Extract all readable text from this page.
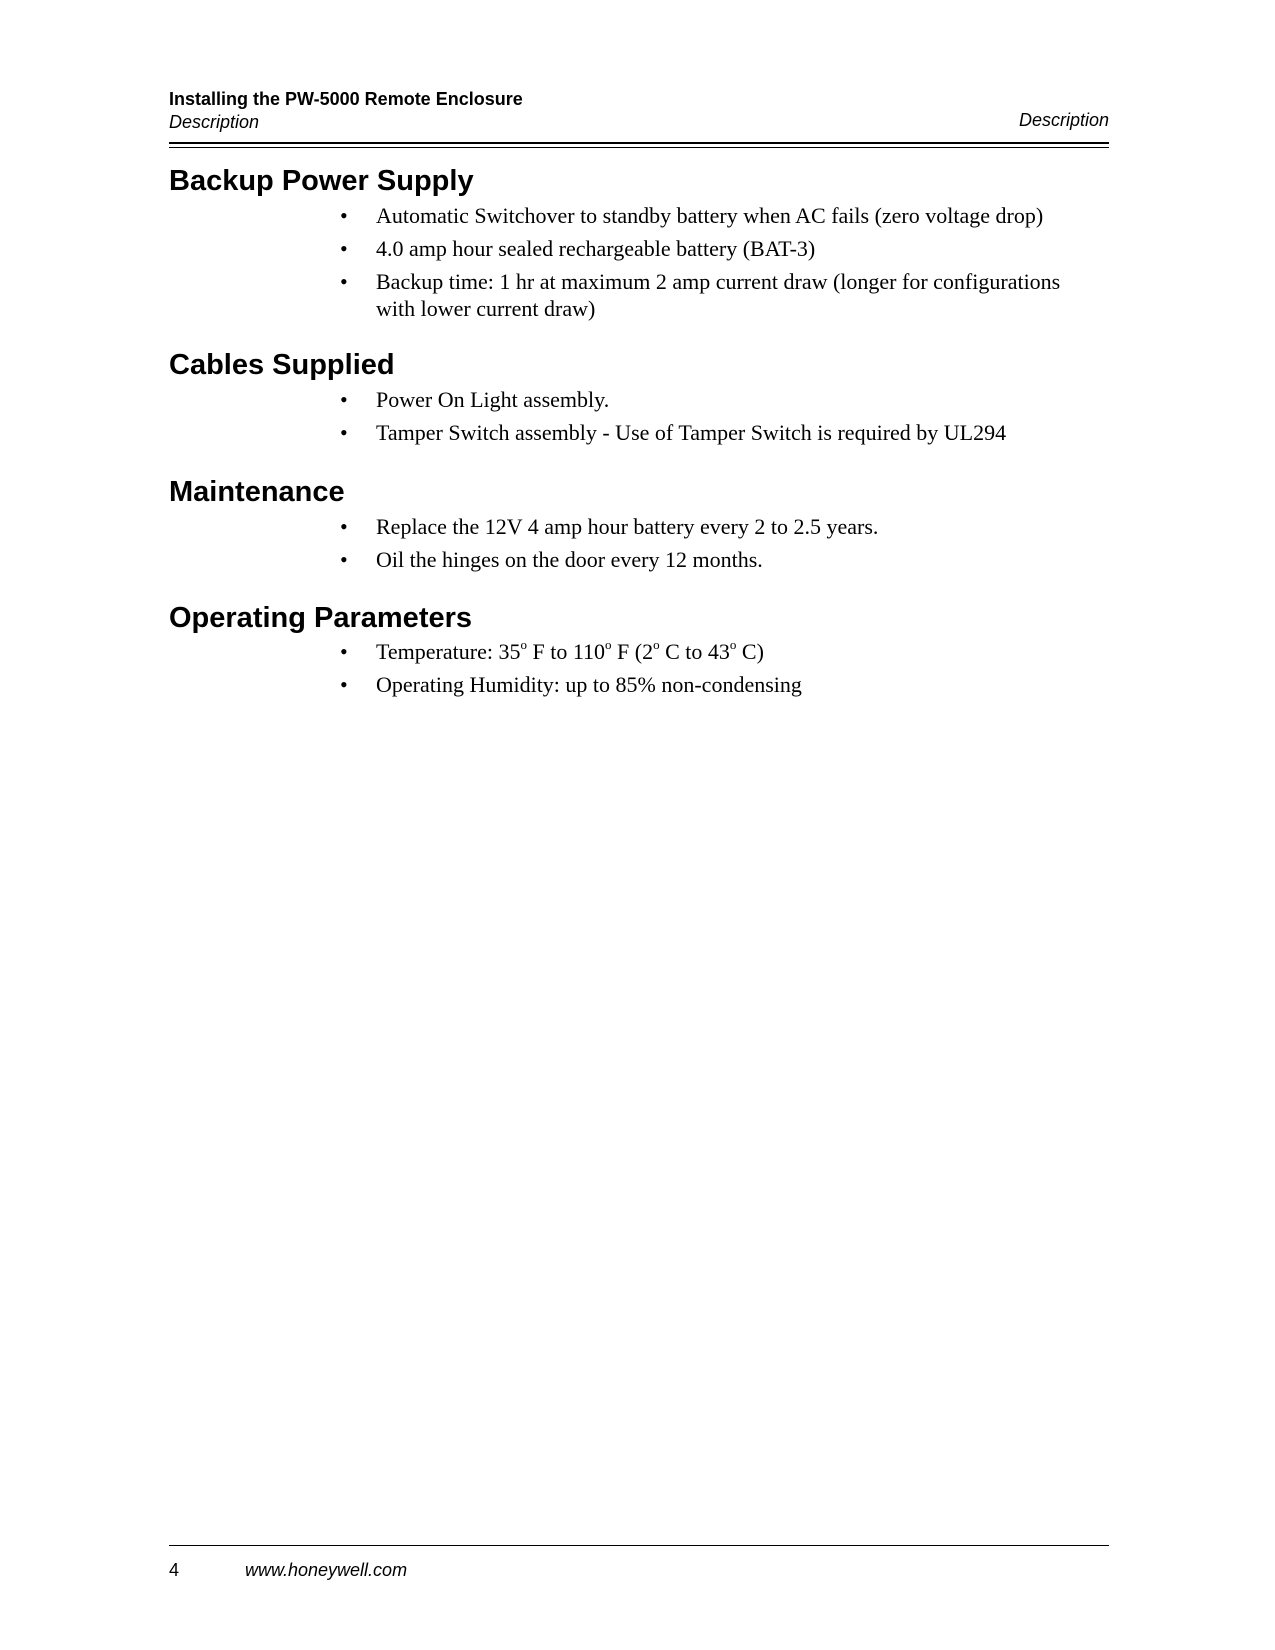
Installing the PW-5000 Remote Enclosure
Description	Description
Backup Power Supply
• Automatic Switchover to standby battery when AC fails (zero voltage drop)
• 4.0 amp hour sealed rechargeable battery (BAT-3)
• Backup time: 1 hr at maximum 2 amp current draw (longer for configurations with lower current draw)
Cables Supplied
• Power On Light assembly.
• Tamper Switch assembly - Use of Tamper Switch is required by UL294
Maintenance
• Replace the 12V 4 amp hour battery every 2 to 2.5 years.
• Oil the hinges on the door every 12 months.
Operating Parameters
• Temperature: 35$^o$ F to 110$^o$ F (2$^o$ C to 43$^o$ C)
• Operating Humidity: up to 85% non-condensing
4	www.honeywell.com
